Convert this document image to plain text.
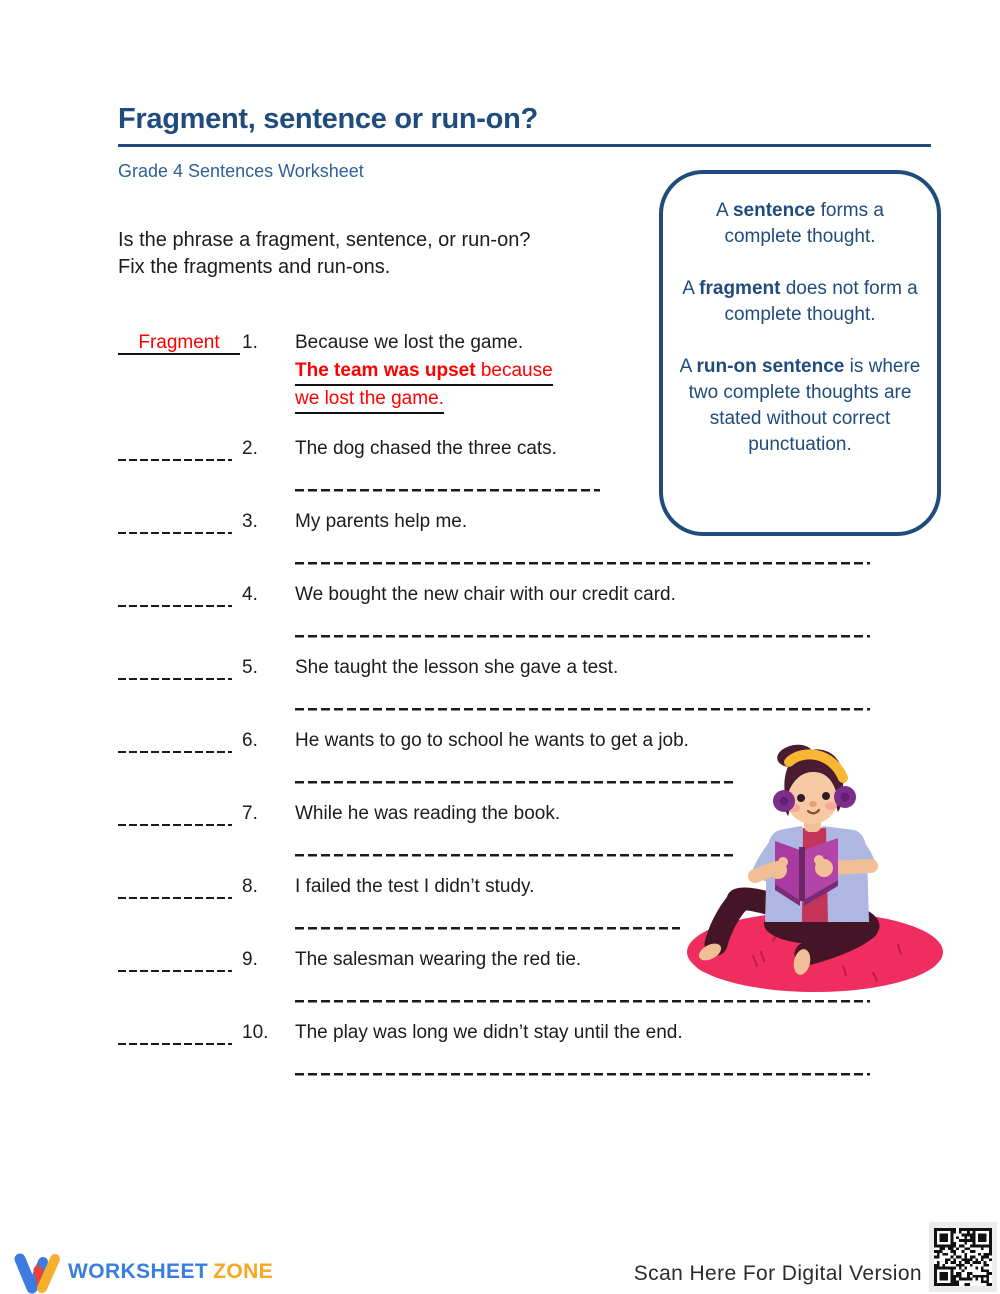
Fragment, sentence or run-on?
Grade 4 Sentences Worksheet
Is the phrase a fragment, sentence, or run-on?
Fix the fragments and run-ons.

A sentence forms a complete thought.

A fragment does not form a complete thought.

A run-on sentence is where two complete thoughts are stated without correct punctuation.

Fragment	1. Because we lost the game.
The team was upset because
we lost the game.
2. The dog chased the three cats.
3. My parents help me.
4. We bought the new chair with our credit card.
5. She taught the lesson she gave a test.
6. He wants to go to school he wants to get a job.
7. While he was reading the book.
8. I failed the test I didn’t study.
9. The salesman wearing the red tie.
10. The play was long we didn’t stay until the end.
WORKSHEET ZONE	Scan Here For Digital Version
